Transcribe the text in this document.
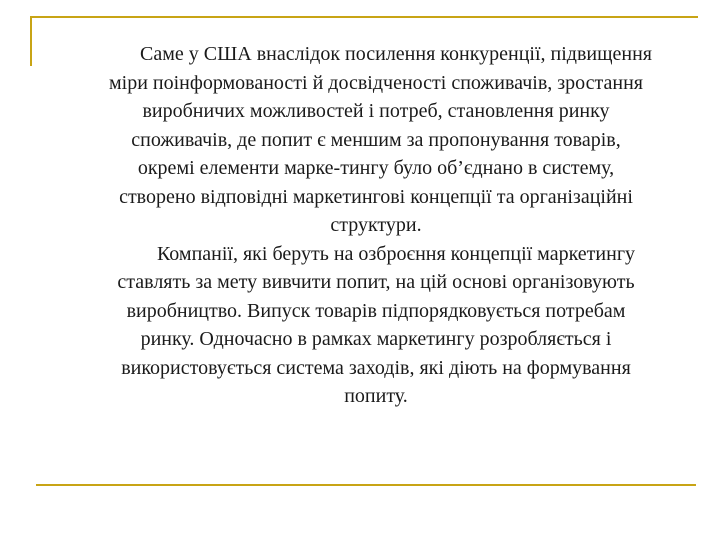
Саме у США внаслідок посилення конкуренції, підвищення
міри поінформованості й досвідченості споживачів, зростання
виробничих можливостей і потреб, становлення ринку
споживачів, де попит є меншим за пропонування товарів,
окремі елементи марке-тингу було об’єднано в систему,
створено відповідні маркетингові концепції та організаційні
структури.
Компанії, які беруть на озброєння концепції маркетингу
ставлять за мету вивчити попит, на цій основі організовують
виробництво. Випуск товарів підпорядковується потребам
ринку. Одночасно в рамках маркетингу розробляється і
використовується система заходів, які діють на формування
попиту.
